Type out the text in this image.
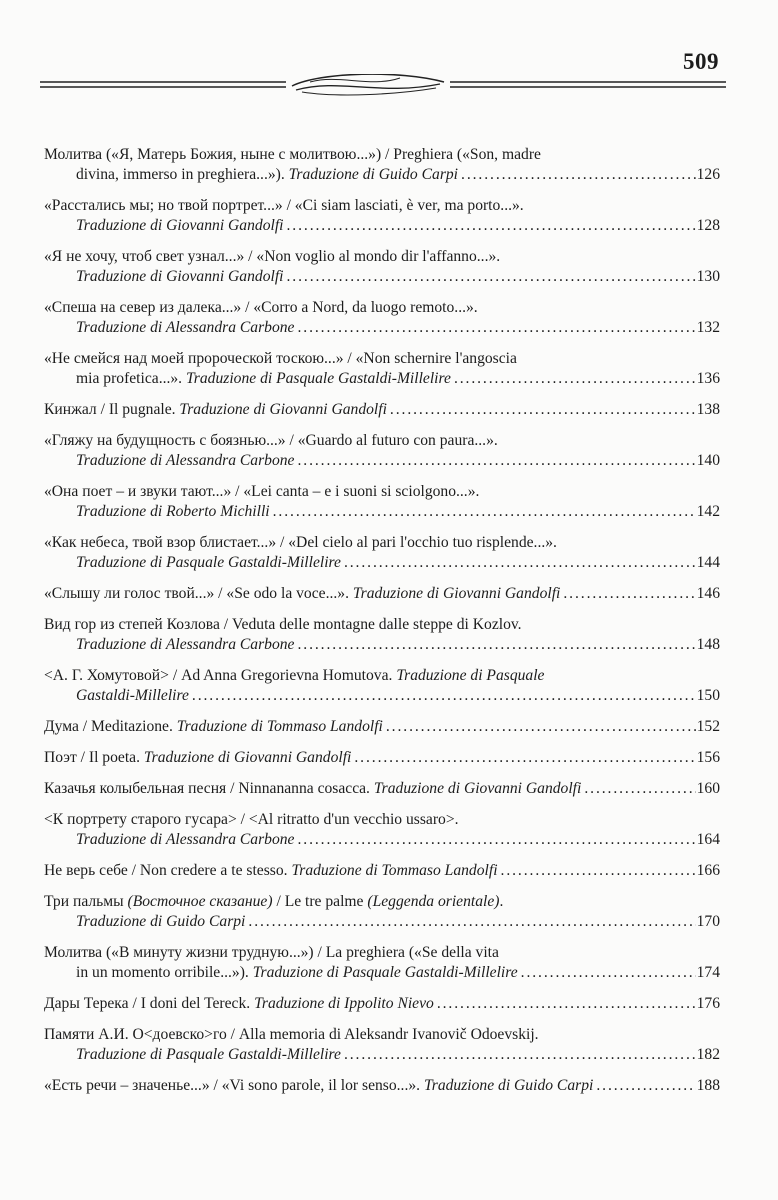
509
Молитва («Я, Матерь Божия, ныне с молитвою...») / Preghiera («Son, madre
divina, immerso in preghiera...»). Traduzione di Guido Carpi . . .	126
«Расстались мы; но твой портрет...» / «Ci siam lasciati, è ver, ma porto...».
Traduzione di Giovanni Gandolfi . . .	128
«Я не хочу, чтоб свет узнал...» / «Non voglio al mondo dir l'affanno...».
Traduzione di Giovanni Gandolfi . . .	130
«Спеша на север из далека...» / «Corro a Nord, da luogo remoto...».
Traduzione di Alessandra Carbone . . .	132
«Не смейся над моей пророческой тоскою...» / «Non schernire l'angoscia
mia profetica...». Traduzione di Pasquale Gastaldi-Millelire . . .	136
Кинжал / Il pugnale. Traduzione di Giovanni Gandolfi . . .	138
«Гляжу на будущность с боязнью...» / «Guardo al futuro con paura...».
Traduzione di Alessandra Carbone . . .	140
«Она поет – и звуки тают...» / «Lei canta – e i suoni si sciolgono...».
Traduzione di Roberto Michilli . . .	142
«Как небеса, твой взор блистает...» / «Del cielo al pari l'occhio tuo risplende...».
Traduzione di Pasquale Gastaldi-Millelire . . .	144
«Слышу ли голос твой...» / «Se odo la voce...». Traduzione di Giovanni Gandolfi . . .	146
Вид гор из степей Козлова / Veduta delle montagne dalle steppe di Kozlov.
Traduzione di Alessandra Carbone . . .	148
<А. Г. Хомутовой> / Ad Anna Gregorievna Homutova. Traduzione di Pasquale
Gastaldi-Millelire . . .	150
Дума / Meditazione. Traduzione di Tommaso Landolfi . . .	152
Поэт / Il poeta. Traduzione di Giovanni Gandolfi . . .	156
Казачья колыбельная песня / Ninnananna cosacca. Traduzione di Giovanni Gandolfi . . .	160
<К портрету старого гусара> / <Al ritratto d'un vecchio ussaro>.
Traduzione di Alessandra Carbone . . .	164
Не верь себе / Non credere a te stesso. Traduzione di Tommaso Landolfi . . .	166
Три пальмы (Восточное сказание) / Le tre palme (Leggenda orientale).
Traduzione di Guido Carpi . . .	170
Молитва («В минуту жизни трудную...») / La preghiera («Se della vita
in un momento orribile...»). Traduzione di Pasquale Gastaldi-Millelire . . .	174
Дары Терека / I doni del Tereck. Traduzione di Ippolito Nievo . . .	176
Памяти А.И. О<доевско>го / Alla memoria di Aleksandr Ivanovič Odoevskij.
Traduzione di Pasquale Gastaldi-Millelire . . .	182
«Есть речи – значенье...» / «Vi sono parole, il lor senso...». Traduzione di Guido Carpi . . .	188
